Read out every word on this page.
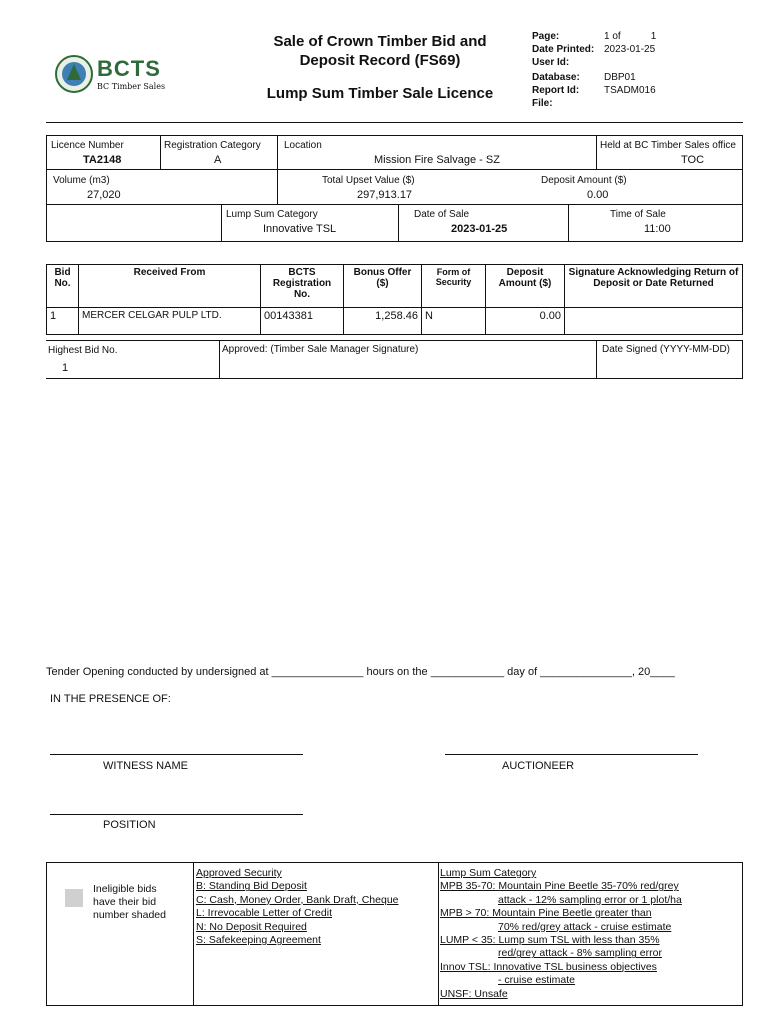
BCTS
BC Timber Sales
Sale of Crown Timber Bid and
Deposit Record (FS69)
Lump Sum Timber Sale Licence
Page:	1 of	1
Date Printed: 2023-01-25
User Id:
Database:	DBP01
Report Id:	TSADM016
File:
Licence Number
TA2148
Registration Category
A
Location
Mission Fire Salvage - SZ
Held at BC Timber Sales office
TOC
Volume (m3)
27,020
Total Upset Value ($)
297,913.17
Deposit Amount ($)
0.00
Lump Sum Category
Innovative TSL
Date of Sale
2023-01-25
Time of Sale
11:00
Bid No.	Received From	BCTS Registration No.	Bonus Offer ($)	Form of Security	Deposit Amount ($)	Signature Acknowledging Return of Deposit or Date Returned
1	MERCER CELGAR PULP LTD.	00143381	1,258.46	N	0.00	
Highest Bid No.
1
Approved: (Timber Sale Manager Signature)	Date Signed (YYYY-MM-DD)
Tender Opening conducted by undersigned at _______________ hours on the ____________ day of _______________, 20____
IN THE PRESENCE OF:
WITNESS NAME	AUCTIONEER
POSITION
Ineligible bids have their bid number shaded
Approved Security
B: Standing Bid Deposit
C: Cash, Money Order, Bank Draft, Cheque
L: Irrevocable Letter of Credit
N: No Deposit Required
S: Safekeeping Agreement
Lump Sum Category
MPB 35-70: Mountain Pine Beetle 35-70% red/grey
attack - 12% sampling error or 1 plot/ha
MPB > 70: Mountain Pine Beetle greater than
70% red/grey attack - cruise estimate
LUMP < 35: Lump sum TSL with less than 35%
red/grey attack - 8% sampling error
Innov TSL: Innovative TSL business objectives
- cruise estimate
UNSF: Unsafe
